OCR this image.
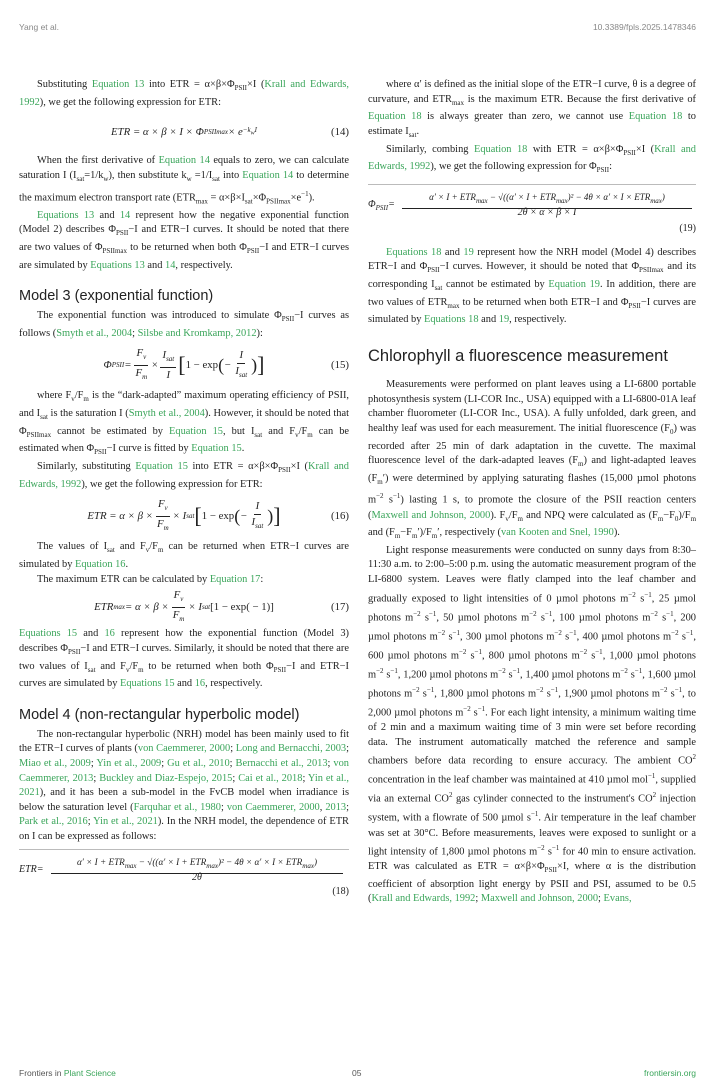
Yang et al.	10.3389/fpls.2025.1478346

Substituting Equation 13 into ETR = $\alpha\times\beta\times\Phi_{PSII}\times I$ (Krall and Edwards, 1992), we get the following expression for ETR:

ETR = α × β × I × Φ PSIImax × $e -k_wI$	(14)

When the first derivative of Equation 14 equals to zero, we can calculate saturation I $(I_{sat}=1/k_w)$, then substitute $k_w =1/I_{sat}$ into Equation 14 to determine the maximum electron transport rate $(ETR_{max} = \alpha\times\beta\times I_{sat}\times\Phi_{PSIImax}\times e^{-1})$.

Equations 13 and 14 represent how the negative exponential function (Model 2) describes $\Phi_{PSII}-I$ and ETR−I curves. It should be noted that there are two values of $\Phi_{PSIImax}$ to be returned when both $\Phi_{PSII}-I$ and ETR−I curves are simulated by Equations 13 and 14, respectively.

Model 3 (exponential function)

The exponential function was introduced to simulate $\Phi_{PSII}-I$ curves as follows (Smyth et al., 2004; Silsbe and Kromkamp, 2012):

Φ PSII = $\frac{F_v}{F_m} \times \frac{I_{sat}}{I}$ [ 1 − exp ( − $\frac{I}{I_{sat}}$ ) ]	(15)

where $F_v/F_m$ is the “dark-adapted” maximum operating efficiency of PSII, and $I_{sat}$ is the saturation I (Smyth et al., 2004). However, it should be noted that $\Phi_{PSIImax}$ cannot be estimated by Equation 15, but $I_{sat}$ and $F_v/F_m$ can be estimated when $\Phi_{PSII}-I$ curve is fitted by Equation 15.

Similarly, substituting Equation 15 into ETR = $\alpha\times\beta\times\Phi_{PSII}\times I$ (Krall and Edwards, 1992), we get the following expression for ETR:

ETR = $\alpha \times \beta \times \frac{F_v}{F_m} \times I$ sat [ 1 − exp ( − $\frac{I}{I_{sat}}$ ) ]	(16)

The values of $I_{sat}$ and $F_v/F_m$ can be returned when ETR−I curves are simulated by Equation 16.

The maximum ETR can be calculated by Equation 17:

ETR $\max = \alpha \times \beta \times \frac{F_v}{F_m} \times I$ sat [1 − exp( − 1)]	(17)

Equations 15 and 16 represent how the exponential function (Model 3) describes $\Phi_{PSII}-I$ and ETR−I curves. Similarly, it should be noted that there are two values of $I_{sat}$ and $F_v/F_m$ to be returned when both $\Phi_{PSII}-I$ and ETR−I curves are simulated by Equations 15 and 16, respectively.

Model 4 (non-rectangular hyperbolic model)

The non-rectangular hyperbolic (NRH) model has been mainly used to fit the ETR−I curves of plants (von Caemmerer, 2000; Long and Bernacchi, 2003; Miao et al., 2009; Yin et al., 2009; Gu et al., 2010; Bernacchi et al., 2013; von Caemmerer, 2013; Buckley and Diaz-Espejo, 2015; Cai et al., 2018; Yin et al., 2021), and it has been a sub-model in the FvCB model when irradiance is below the saturation level (Farquhar et al., 1980; von Caemmerer, 2000, 2013; Park et al., 2016; Yin et al., 2021). In the NRH model, the dependence of ETR on I can be expressed as follows:

ETR=
$\alpha' \times I + ETR_{max} - √((\alpha' \times I + ETR_{max})^2 - 4\theta \times \alpha' \times I \times ETR_{max})$
2θ
(18)

where α′ is defined as the initial slope of the ETR−I curve, θ is a degree of curvature, and $ETR_{max}$ is the maximum ETR. Because the first derivative of Equation 18 is always greater than zero, we cannot use Equation 18 to estimate $I_{sat}$.

Similarly, combing Equation 18 with ETR = $\alpha\times\beta\times\Phi_{PSII}\times I$ (Krall and Edwards, 1992), we get the following expression for $\Phi_{PSII}$:

$\Phi_{PSII}=$
$\alpha' \times I + ETR_{max} - √((\alpha' \times I + ETR_{max})^2 - 4\theta \times \alpha' \times I \times ETR_{max})$
2θ × α × β × I
(19)

Equations 18 and 19 represent how the NRH model (Model 4) describes ETR−I and $\Phi_{PSII}-I$ curves. However, it should be noted that $\Phi_{PSIImax}$ and its corresponding $I_{sat}$ cannot be estimated by Equation 19. In addition, there are two values of $ETR_{max}$ to be returned when both ETR−I and $\Phi_{PSII}-I$ curves are simulated by Equations 18 and 19, respectively.

Chlorophyll a fluorescence measurement

Measurements were performed on plant leaves using a LI-6800 portable photosynthesis system (LI-COR Inc., USA) equipped with a LI-6800-01A leaf chamber fluorometer (LI-COR Inc., USA). A fully unfolded, dark green, and healthy leaf was used for each measurement. The initial fluorescence $(F_0)$ was recorded after 25 min of dark adaptation in the cuvette. The maximal fluorescence level of the dark-adapted leaves $(F_m)$ and light-adapted leaves $(F_m')$ were determined by applying saturating flashes (15,000 µmol photons $m^{-2}$ $s^{-1}$) lasting 1 s, to promote the closure of the PSII reaction centers (Maxwell and Johnson, 2000). $F_v/F_m$ and NPQ were calculated as $(F_m-F_0)/F_m$ and $(F_m-F_m')/F_m'$, respectively (van Kooten and Snel, 1990).

Light response measurements were conducted on sunny days from 8:30–11:30 a.m. to 2:00–5:00 p.m. using the automatic measurement program of the LI-6800 system. Leaves were flatly clamped into the leaf chamber and gradually exposed to light intensities of 0 µmol photons $m^{-2}$ $s^{-1}$, 25 µmol photons $m^{-2}$ $s^{-1}$, 50 µmol photons $m^{-2}$ $s^{-1}$, 100 µmol photons $m^{-2}$ $s^{-1}$, 200 µmol photons $m^{-2}$ $s^{-1}$, 300 µmol photons $m^{-2}$ $s^{-1}$, 400 µmol photons $m^{-2}$ $s^{-1}$, 600 µmol photons $m^{-2}$ $s^{-1}$, 800 µmol photons $m^{-2}$ $s^{-1}$, 1,000 µmol photons $m^{-2}$ $s^{-1}$, 1,200 µmol photons $m^{-2}$ $s^{-1}$, 1,400 µmol photons $m^{-2}$ $s^{-1}$, 1,600 µmol photons $m^{-2}$ $s^{-1}$, 1,800 µmol photons $m^{-2}$ $s^{-1}$, 1,900 µmol photons $m^{-2}$ $s^{-1}$, to 2,000 µmol photons $m^{-2}$ $s^{-1}$. For each light intensity, a minimum waiting time of 2 min and a maximum waiting time of 3 min were set before recording data. The instrument automatically matched the reference and sample chambers before data recording to ensure accuracy. The ambient $CO^2$ concentration in the leaf chamber was maintained at 410 µmol mol$^{-1}$, supplied via an external $CO^2$ gas cylinder connected to the instrument's $CO^2$ injection system, with a flowrate of 500 µmol $s^{-1}$. Air temperature in the leaf chamber was set at 30°C. Before measurements, leaves were exposed to sunlight or a light intensity of 1,800 µmol photons $m^{-2}$ $s^{-1}$ for 40 min to ensure activation. ETR was calculated as ETR = $\alpha\times\beta\times\Phi_{PSII}\times I$, where α is the distribution coefficient of absorption light energy by PSII and PSI, assumed to be 0.5 (Krall and Edwards, 1992; Maxwell and Johnson, 2000; Evans,

Frontiers in Plant Science	05	frontiersin.org
